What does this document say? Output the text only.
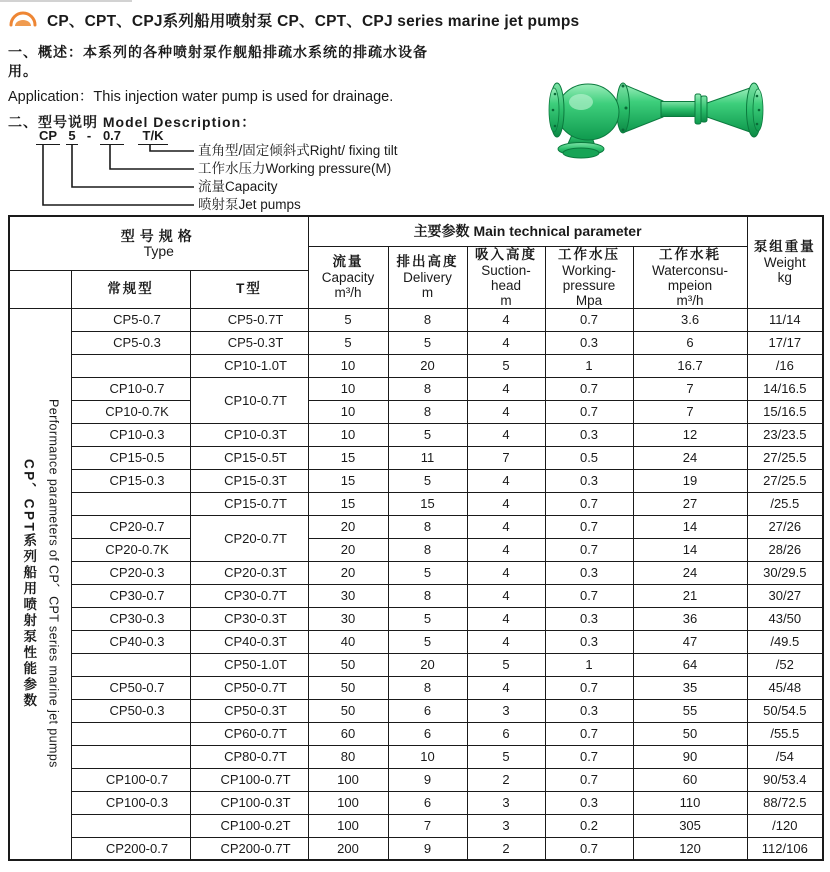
CP、CPT、CPJ系列船用喷射泵 CP、CPT、CPJ series marine jet pumps
一、概述：本系列的各种喷射泵作舰船排疏水系统的排疏水设备
用。
Application：This injection water pump is used for drainage.
二、型号说明 Model Description：
CP 5 - 0.7	T/K
直角型/固定倾斜式Right/ fixing tilt
工作水压力Working pressure(M)
流量Capacity
喷射泵Jet pumps
型号规格
Type
	主要参数 Main technical parameter	
泵组重量
Weight
kg

流量
Capacity
m³/h

排出高度
Delivery
m

吸入高度
Suction-
head
m

工作水压
Working-
pressure
Mpa

工作水耗
Waterconsu-
mpeion
m³/h

	常规型	T型						

CP、CPT系列船用喷射泵性能参数 Performance parameters of CP、CPT series marine jet pumps	CP5-0.7	CP5-0.7T	5	8	4	0.7	3.6	11/14
	CP5-0.3	CP5-0.3T	5	5	4	0.3	6	17/17
		CP10-1.0T	10	20	5	1	16.7	/16
	CP10-0.7	CP10-0.7T	10	8	4	0.7	7	14/16.5
	CP10-0.7K		10	8	4	0.7	7	15/16.5
	CP10-0.3	CP10-0.3T	10	5	4	0.3	12	23/23.5
	CP15-0.5	CP15-0.5T	15	11	7	0.5	24	27/25.5
	CP15-0.3	CP15-0.3T	15	5	4	0.3	19	27/25.5
		CP15-0.7T	15	15	4	0.7	27	/25.5
	CP20-0.7	CP20-0.7T	20	8	4	0.7	14	27/26
	CP20-0.7K		20	8	4	0.7	14	28/26
	CP20-0.3	CP20-0.3T	20	5	4	0.3	24	30/29.5
	CP30-0.7	CP30-0.7T	30	8	4	0.7	21	30/27
	CP30-0.3	CP30-0.3T	30	5	4	0.3	36	43/50
	CP40-0.3	CP40-0.3T	40	5	4	0.3	47	/49.5
		CP50-1.0T	50	20	5	1	64	/52
	CP50-0.7	CP50-0.7T	50	8	4	0.7	35	45/48
	CP50-0.3	CP50-0.3T	50	6	3	0.3	55	50/54.5
		CP60-0.7T	60	6	6	0.7	50	/55.5
		CP80-0.7T	80	10	5	0.7	90	/54
	CP100-0.7	CP100-0.7T	100	9	2	0.7	60	90/53.4
	CP100-0.3	CP100-0.3T	100	6	3	0.3	110	88/72.5
		CP100-0.2T	100	7	3	0.2	305	/120
	CP200-0.7	CP200-0.7T	200	9	2	0.7	120	112/106
